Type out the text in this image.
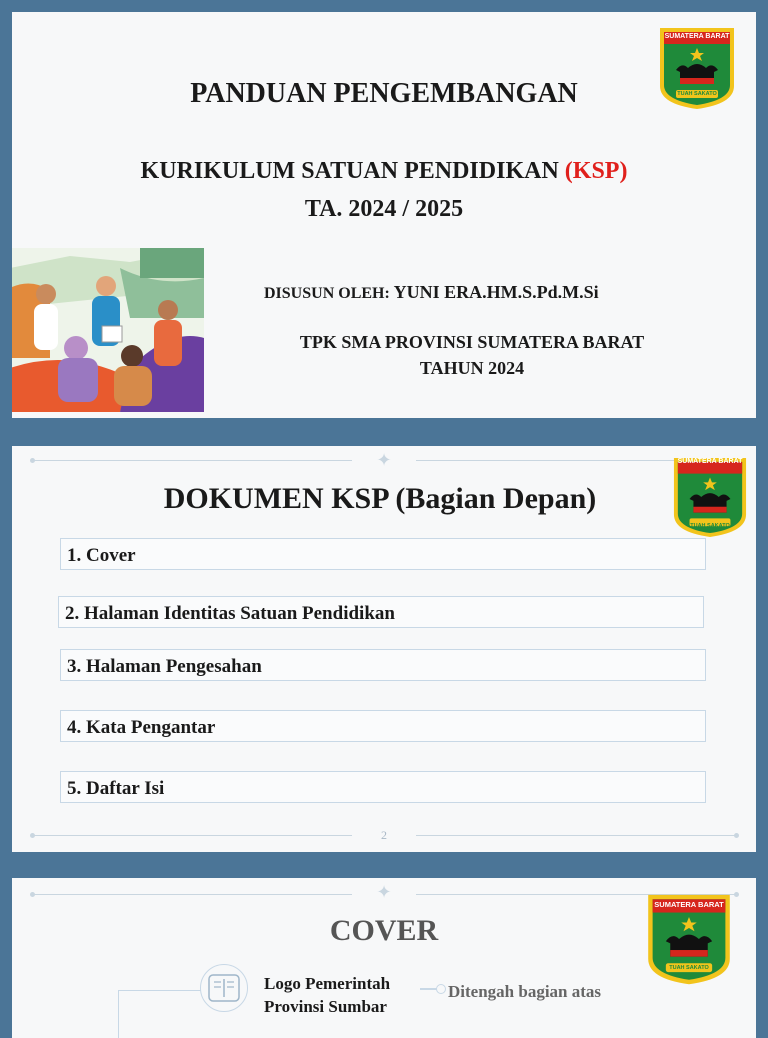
PANDUAN PENGEMBANGAN
KURIKULUM SATUAN PENDIDIKAN (KSP)
TA. 2024 / 2025
DISUSUN OLEH: YUNI ERA.HM.S.Pd.M.Si
TPK SMA PROVINSI SUMATERA BARAT
TAHUN 2024
SUMATERA BARAT
TUAH SAKATO
✦
DOKUMEN KSP (Bagian Depan)
1. Cover
2. Halaman Identitas Satuan Pendidikan
3. Halaman Pengesahan
4. Kata Pengantar
5. Daftar Isi
2
SUMATERA BARAT
TUAH SAKATO
✦
COVER
Logo Pemerintah
Provinsi Sumbar
Ditengah bagian atas
SUMATERA BARAT
TUAH SAKATO
